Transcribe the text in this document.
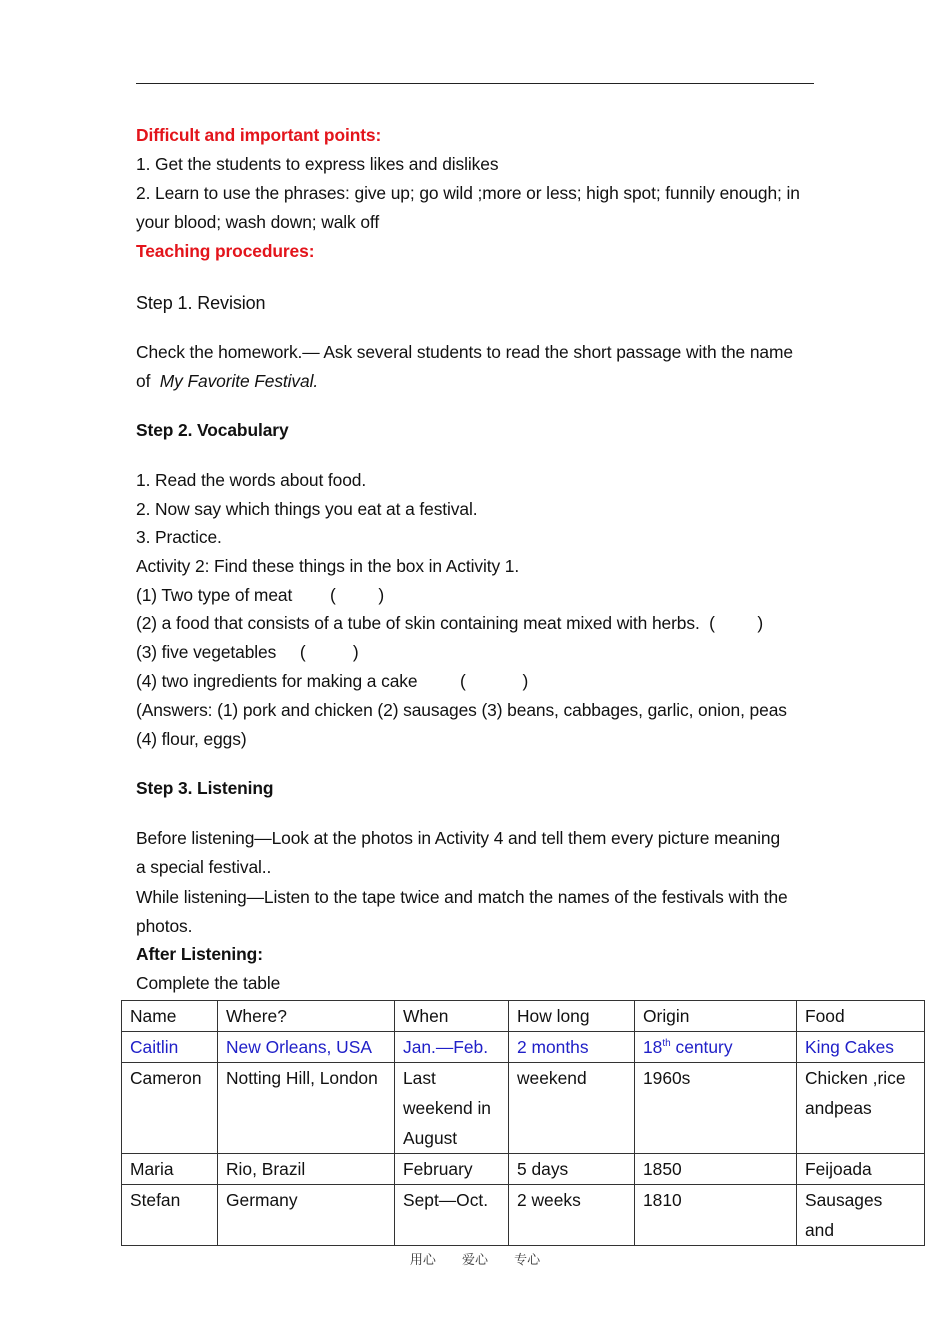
Difficult and important points:
1. Get the students to express likes and dislikes
2. Learn to use the phrases: give up; go wild ;more or less; high spot; funnily enough; in
your blood; wash down; walk off
Teaching procedures:
Step 1. Revision
Check the homework.— Ask several students to read the short passage with the name
of  My Favorite Festival.
Step 2. Vocabulary
1. Read the words about food.
2. Now say which things you eat at a festival.
3. Practice.
Activity 2: Find these things in the box in Activity 1.
(1) Two type of meat        (         )
(2) a food that consists of a tube of skin containing meat mixed with herbs.  (         )
(3) five vegetables     (          )
(4) two ingredients for making a cake         (            )
(Answers: (1) pork and chicken (2) sausages (3) beans, cabbages, garlic, onion, peas
(4) flour, eggs)
Step 3. Listening
Before listening—Look at the photos in Activity 4 and tell them every picture meaning
a special festival..
While listening—Listen to the tape twice and match the names of the festivals with the
photos.
After Listening:
Complete the table
Name	Where?	When	How long	Origin	Food
Caitlin	New Orleans, USA	Jan.—Feb.	2 months	18th century	King Cakes
Cameron	Notting Hill, London	Last weekend in August	weekend	1960s	Chicken ,rice andpeas
Maria	Rio, Brazil	February	5 days	1850	Feijoada
Stefan	Germany	Sept—Oct.	2 weeks	1810	Sausages and
用心 爱心 专心
